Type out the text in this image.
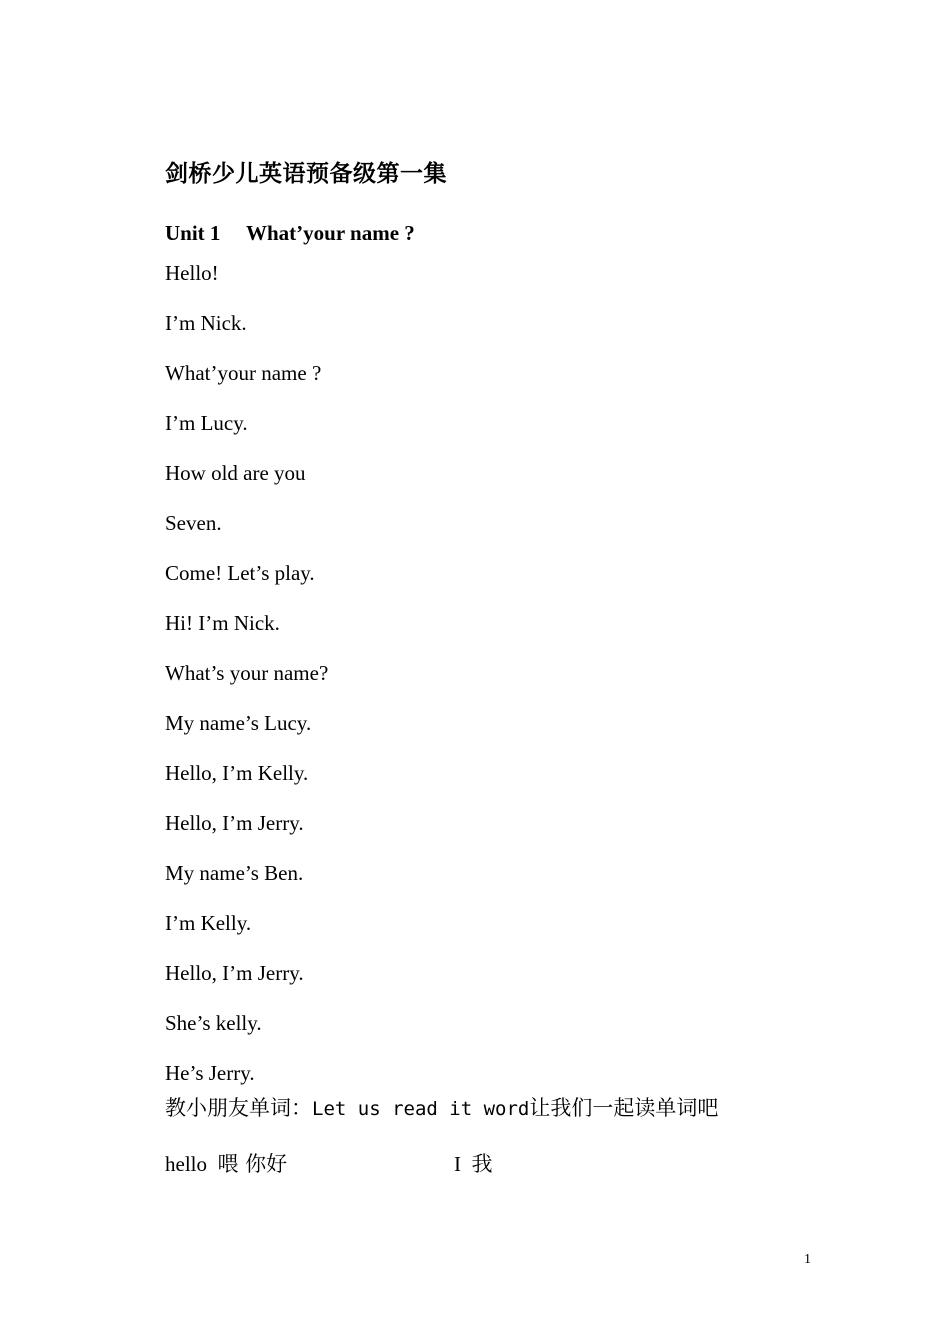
剑桥少儿英语预备级第一集
Unit 1 What’your name ?
Hello!
I’m Nick.
What’your name ?
I’m Lucy.
How old are you
Seven.
Come! Let’s play.
Hi! I’m Nick.
What’s your name?
My name’s Lucy.
Hello, I’m Kelly.
Hello, I’m Jerry.
My name’s Ben.
I’m Kelly.
Hello, I’m Jerry.
She’s kelly.
He’s Jerry.
教小朋友单词：Let us read it word让我们一起读单词吧
hello 喂 你好	I 我
1
